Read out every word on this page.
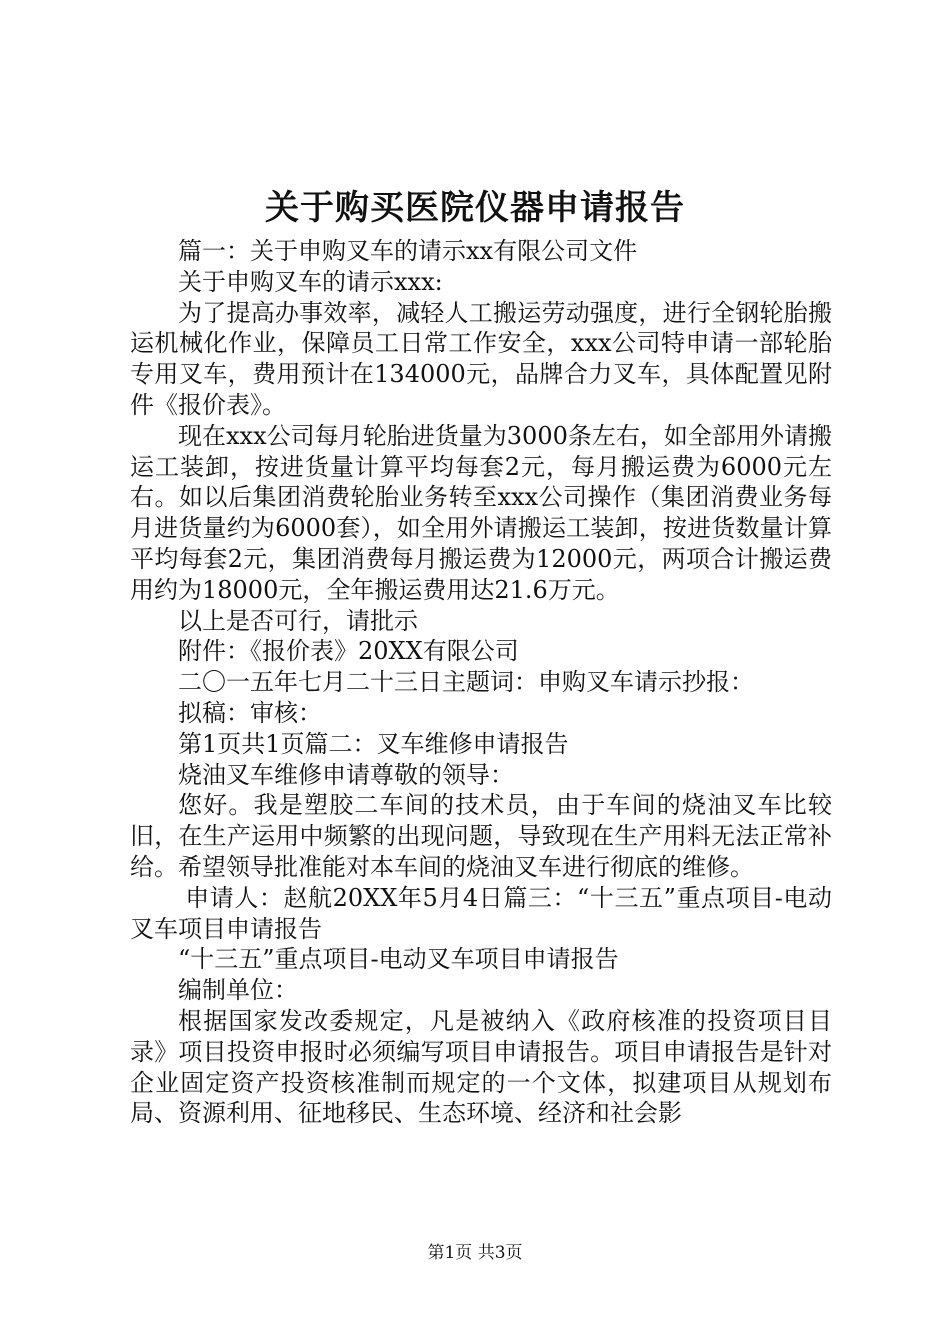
关于购买医院仪器申请报告

篇一：关于申购叉车的请示xx有限公司文件

关于申购叉车的请示xxx:

为了提高办事效率，减轻人工搬运劳动强度，进行全钢轮胎搬运机械化作业，保障员工日常工作安全，xxx公司特申请一部轮胎专用叉车，费用预计在134000元，品牌合力叉车，具体配置见附件《报价表》。

现在xxx公司每月轮胎进货量为3000条左右，如全部用外请搬运工装卸，按进货量计算平均每套2元，每月搬运费为6000元左右。如以后集团消费轮胎业务转至xxx公司操作（集团消费业务每月进货量约为6000套），如全用外请搬运工装卸，按进货数量计算平均每套2元，集团消费每月搬运费为12000元，两项合计搬运费用约为18000元，全年搬运费用达21.6万元。

以上是否可行，请批示

附件：《报价表》20XX有限公司

二〇一五年七月二十三日主题词：申购叉车请示抄报：

拟稿：审核：

第1页共1页篇二：叉车维修申请报告

烧油叉车维修申请尊敬的领导：

您好。我是塑胶二车间的技术员，由于车间的烧油叉车比较旧，在生产运用中频繁的出现问题，导致现在生产用料无法正常补给。希望领导批准能对本车间的烧油叉车进行彻底的维修。

申请人：赵航20XX年5月4日篇三：“十三五”重点项目-电动叉车项目申请报告

“十三五”重点项目-电动叉车项目申请报告

编制单位：

根据国家发改委规定，凡是被纳入《政府核准的投资项目目录》项目投资申报时必须编写项目申请报告。项目申请报告是针对企业固定资产投资核准制而规定的一个文体，拟建项目从规划布局、资源利用、征地移民、生态环境、经济和社会影

第1页 共3页
